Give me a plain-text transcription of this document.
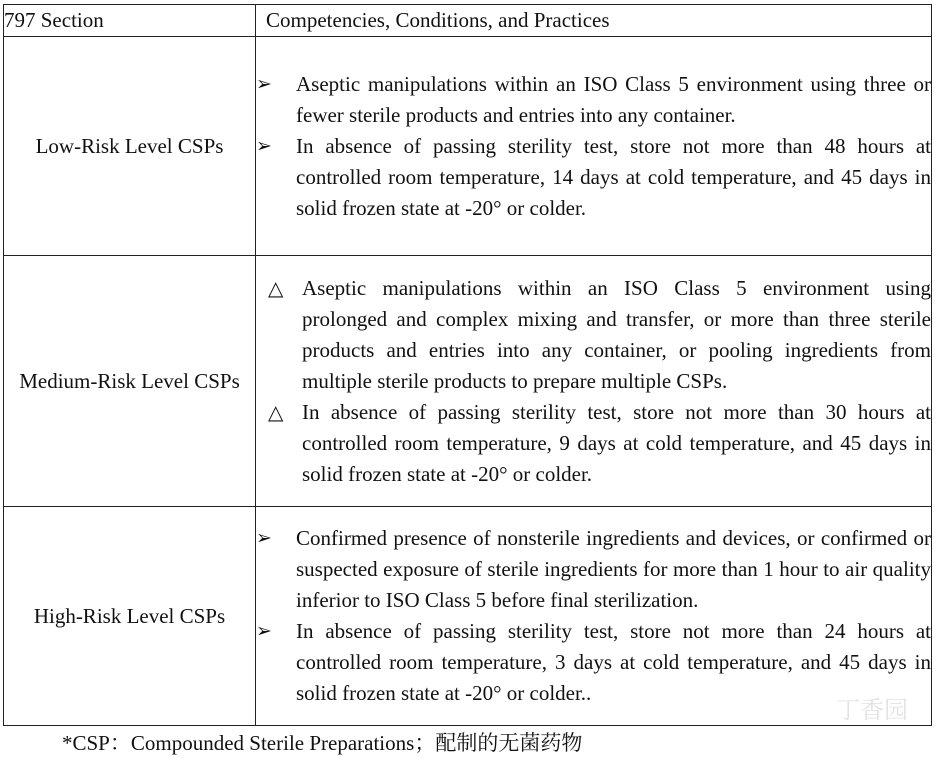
797 Section	Competencies, Conditions, and Practices
Low-Risk Level CSPs	➢ Aseptic manipulations within an ISO Class 5 environment using three or fewer sterile products and entries into any container.
➢ In absence of passing sterility test, store not more than 48 hours at controlled room temperature, 14 days at cold temperature, and 45 days in solid frozen state at -20° or colder.

Medium-Risk Level CSPs	△ Aseptic manipulations within an ISO Class 5 environment using prolonged and complex mixing and transfer, or more than three sterile products and entries into any container, or pooling ingredients from multiple sterile products to prepare multiple CSPs.
△ In absence of passing sterility test, store not more than 30 hours at controlled room temperature, 9 days at cold temperature, and 45 days in solid frozen state at -20° or colder.

High-Risk Level CSPs	➢ Confirmed presence of nonsterile ingredients and devices, or confirmed or suspected exposure of sterile ingredients for more than 1 hour to air quality inferior to ISO Class 5 before final sterilization.
➢ In absence of passing sterility test, store not more than 24 hours at controlled room temperature, 3 days at cold temperature, and 45 days in solid frozen state at -20° or colder..
*CSP：Compounded Sterile Preparations；配制的无菌药物
丁香园
